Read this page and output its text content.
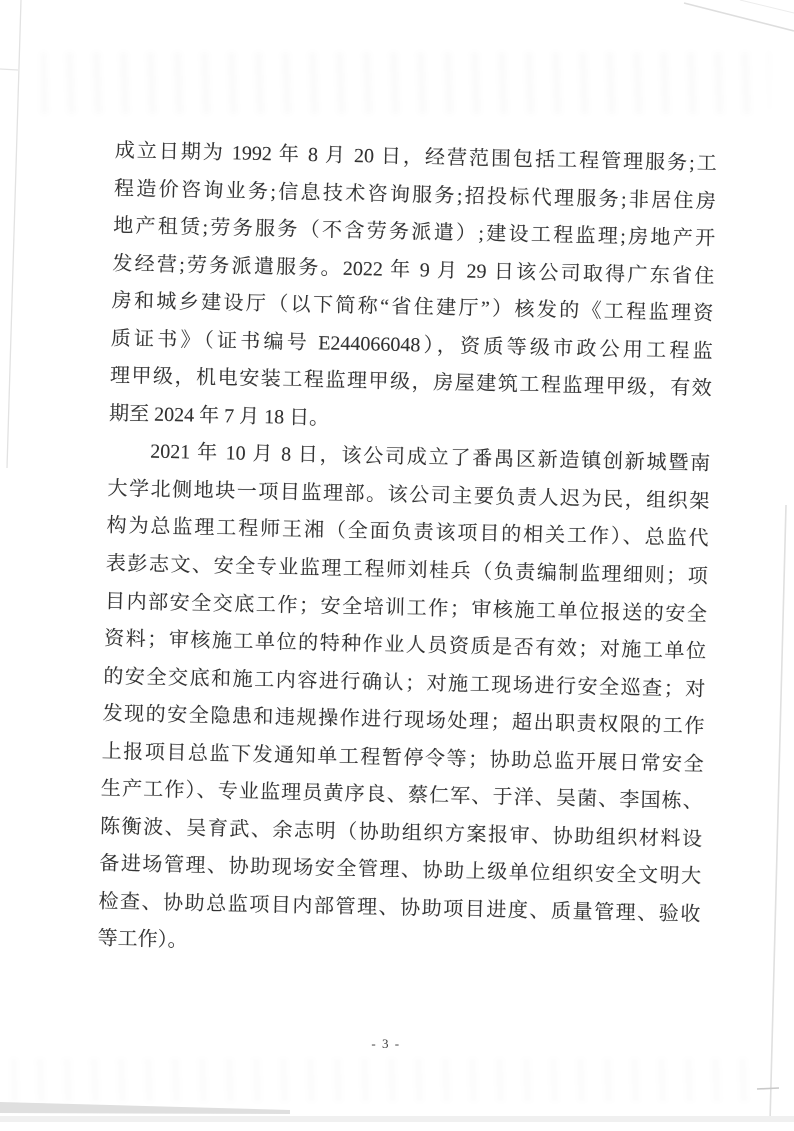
成立日期为 1992 年 8 月 20 日，经营范围包括工程管理服务;工
程造价咨询业务;信息技术咨询服务;招投标代理服务;非居住房
地产租赁;劳务服务（不含劳务派遣）;建设工程监理;房地产开
发经营;劳务派遣服务。2022 年 9 月 29 日该公司取得广东省住
房和城乡建设厅（以下简称“省住建厅”）核发的《工程监理资
质证书》（证书编号 E244066048），资质等级市政公用工程监
理甲级，机电安装工程监理甲级，房屋建筑工程监理甲级，有效
期至 2024 年 7 月 18 日。
2021 年 10 月 8 日，该公司成立了番禺区新造镇创新城暨南
大学北侧地块一项目监理部。该公司主要负责人迟为民，组织架
构为总监理工程师王湘（全面负责该项目的相关工作）、总监代
表彭志文、安全专业监理工程师刘桂兵（负责编制监理细则；项
目内部安全交底工作；安全培训工作；审核施工单位报送的安全
资料；审核施工单位的特种作业人员资质是否有效；对施工单位
的安全交底和施工内容进行确认；对施工现场进行安全巡查；对
发现的安全隐患和违规操作进行现场处理；超出职责权限的工作
上报项目总监下发通知单工程暂停令等；协助总监开展日常安全
生产工作）、专业监理员黄序良、蔡仁军、于洋、吴菌、李国栋、
陈衡波、吴育武、余志明（协助组织方案报审、协助组织材料设
备进场管理、协助现场安全管理、协助上级单位组织安全文明大
检查、协助总监项目内部管理、协助项目进度、质量管理、验收
等工作）。
- 3 -
